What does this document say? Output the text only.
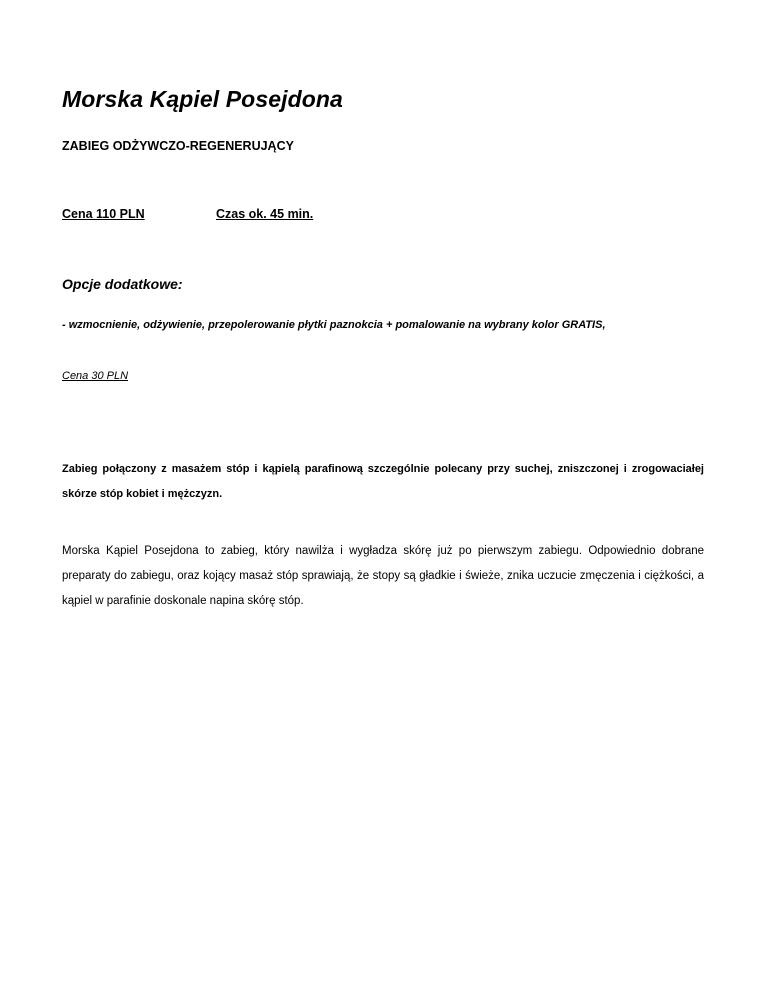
Morska Kąpiel Posejdona

ZABIEG ODŻYWCZO-REGENERUJĄCY

Cena 110 PLN	Czas ok. 45 min.
Opcje dodatkowe:

- wzmocnienie, odżywienie, przepolerowanie płytki paznokcia + pomalowanie na wybrany kolor GRATIS,

Cena 30 PLN

Zabieg połączony z masażem stóp i kąpielą parafinową szczególnie polecany przy suchej, zniszczonej i zrogowaciałej skórze stóp kobiet i mężczyzn.

Morska Kąpiel Posejdona to zabieg, który nawilża i wygładza skórę już po pierwszym zabiegu. Odpowiednio dobrane preparaty do zabiegu, oraz kojący masaż stóp sprawiają, że stopy są gładkie i świeże, znika uczucie zmęczenia i ciężkości, a kąpiel w parafinie doskonale napina skórę stóp.
